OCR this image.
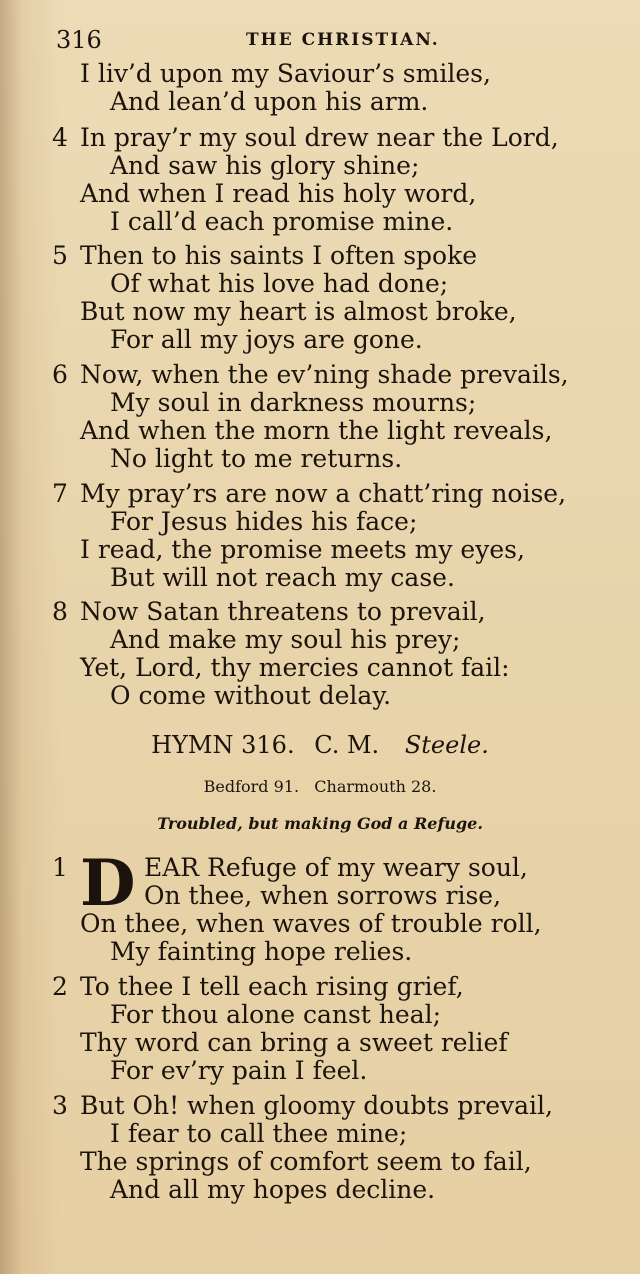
316	THE CHRISTIAN.
I liv’d upon my Saviour’s smiles,
And lean’d upon his arm.
4 In pray’r my soul drew near the Lord,
And saw his glory shine;
And when I read his holy word,
I call’d each promise mine.
5 Then to his saints I often spoke
Of what his love had done;
But now my heart is almost broke,
For all my joys are gone.
6 Now, when the ev’ning shade prevails,
My soul in darkness mourns;
And when the morn the light reveals,
No light to me returns.
7 My pray’rs are now a chatt’ring noise,
For Jesus hides his face;
I read, the promise meets my eyes,
But will not reach my case.
8 Now Satan threatens to prevail,
And make my soul his prey;
Yet, Lord, thy mercies cannot fail:
O come without delay.
HYMN 316. C. M. Steele.
Bedford 91.   Charmouth 28.
Troubled, but making God a Refuge.
1 D EAR Refuge of my weary soul,
On thee, when sorrows rise,
On thee, when waves of trouble roll,
My fainting hope relies.
2 To thee I tell each rising grief,
For thou alone canst heal;
Thy word can bring a sweet relief
For ev’ry pain I feel.
3 But Oh! when gloomy doubts prevail,
I fear to call thee mine;
The springs of comfort seem to fail,
And all my hopes decline.
